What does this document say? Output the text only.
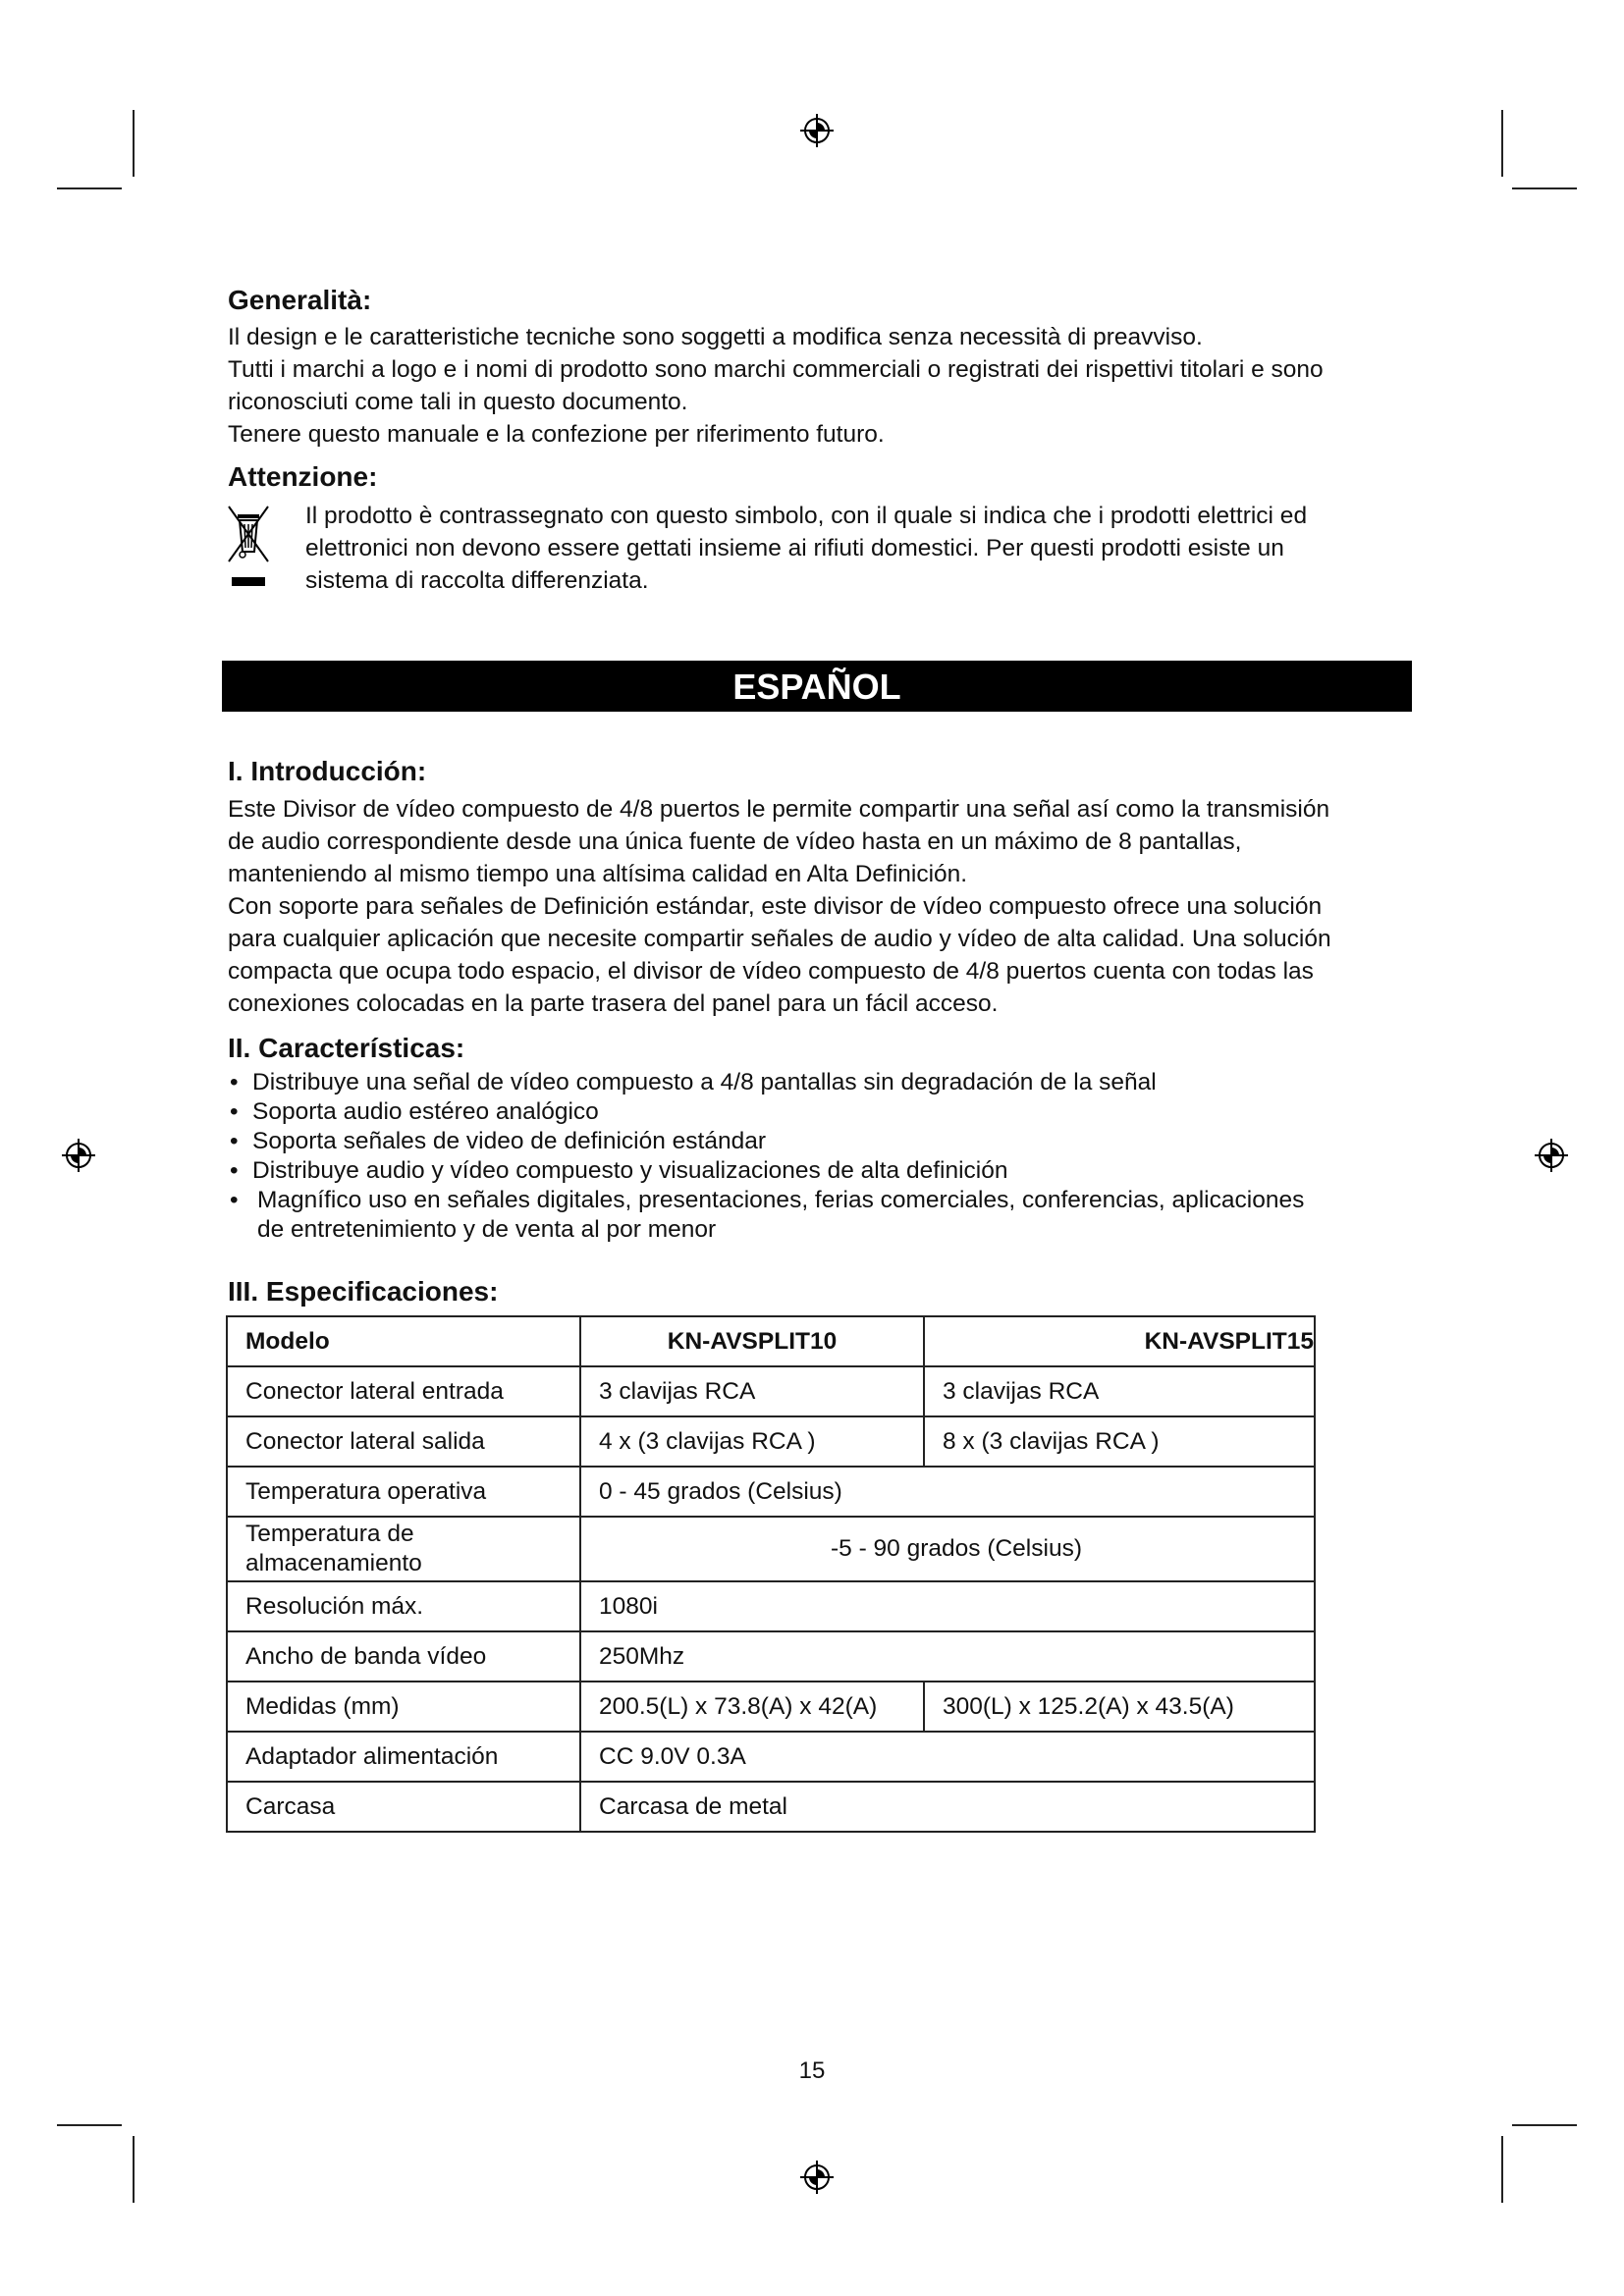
Generalità:
Il design e le caratteristiche tecniche sono soggetti a modifica senza necessità di preavviso.
Tutti i marchi a logo e i nomi di prodotto sono marchi commerciali o registrati dei rispettivi titolari e sono
riconosciuti come tali in questo documento.
Tenere questo manuale e la confezione per riferimento futuro.
Attenzione:
Il prodotto è contrassegnato con questo simbolo, con il quale si indica che i prodotti elettrici ed
elettronici non devono essere gettati insieme ai rifiuti domestici. Per questi prodotti esiste un
sistema di raccolta differenziata.
ESPAÑOL
I. Introducción:
Este Divisor de vídeo compuesto de 4/8 puertos le permite compartir una señal así como la transmisión
de audio correspondiente desde una única fuente de vídeo hasta en un máximo de 8 pantallas,
manteniendo al mismo tiempo una altísima calidad en Alta Definición.
Con soporte para señales de Definición estándar, este divisor de vídeo compuesto ofrece una solución
para cualquier aplicación que necesite compartir señales de audio y vídeo de alta calidad. Una solución
compacta que ocupa todo espacio, el divisor de vídeo compuesto de 4/8 puertos cuenta con todas las
conexiones colocadas en la parte trasera del panel para un fácil acceso.
II. Características:
• Distribuye una señal de vídeo compuesto a 4/8 pantallas sin degradación de la señal
• Soporta audio estéreo analógico
• Soporta señales de video de definición estándar
• Distribuye audio y vídeo compuesto y visualizaciones de alta definición
• Magnífico uso en señales digitales, presentaciones, ferias comerciales, conferencias, aplicaciones
de entretenimiento y de venta al por menor
III. Especificaciones:
Modelo	KN-AVSPLIT10	KN-AVSPLIT15
Conector lateral entrada	3 clavijas RCA	3 clavijas RCA
Conector lateral salida	4 x (3 clavijas RCA )	8 x (3 clavijas RCA )
Temperatura operativa	0 - 45 grados (Celsius)	
Temperatura de almacenamiento	-5 - 90 grados (Celsius)	
Resolución máx.	1080i	
Ancho de banda vídeo	250Mhz	
Medidas (mm)	200.5(L) x 73.8(A) x 42(A)	300(L) x 125.2(A) x 43.5(A)
Adaptador alimentación	CC 9.0V 0.3A	
Carcasa	Carcasa de metal	
15
